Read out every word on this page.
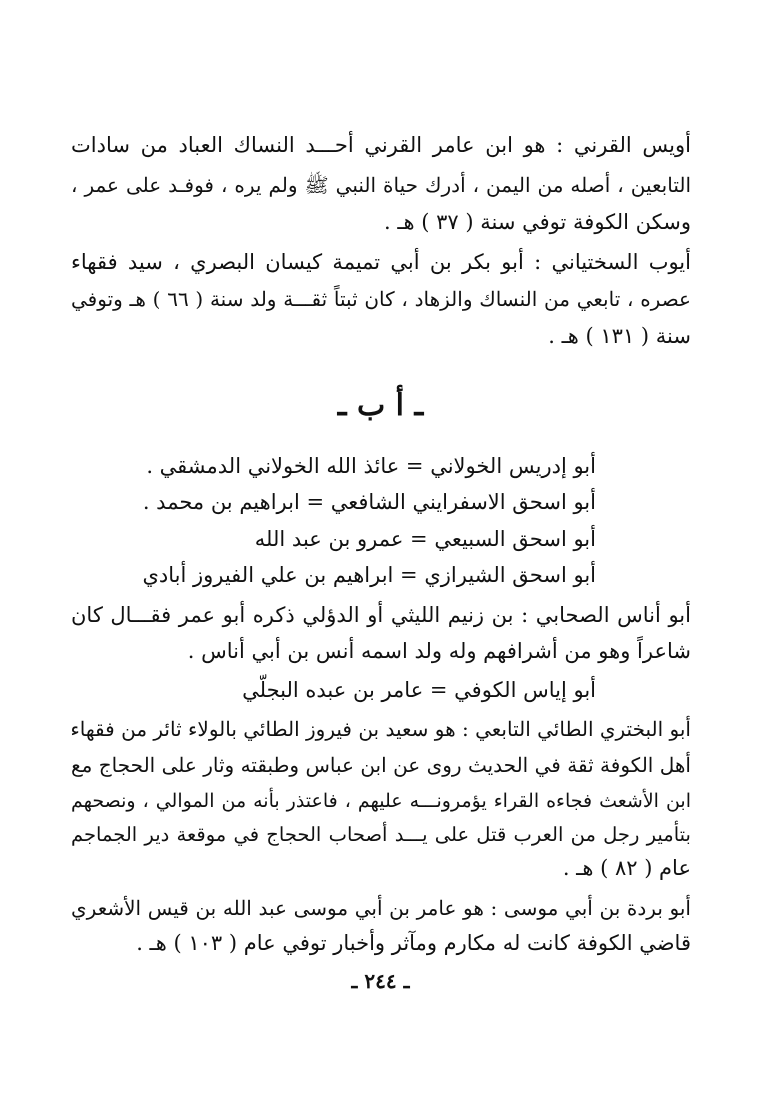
أويس القرني : هو ابن عامر القرني أحـــد النساك العباد من سادات
التابعين ، أصله من اليمن ، أدرك حياة النبي ﷺ ولم يره ، فوفـد على عمر ،
وسكن الكوفة توفي سنة ( ٣٧ ) هـ .
أيوب السختياني : أبو بكر بن أبي تميمة كيسان البصري ، سيد فقهاء
عصره ، تابعي من النساك والزهاد ، كان ثبتاً ثقـــة ولد سنة ( ٦٦ ) هـ وتوفي
سنة ( ١٣١ ) هـ .
ـ أ ب ـ
أبو إدريس الخولاني = عائذ الله الخولاني الدمشقي .
أبو اسحق الاسفرايني الشافعي = ابراهيم بن محمد .
أبو اسحق السبيعي = عمرو بن عبد الله
أبو اسحق الشيرازي = ابراهيم بن علي الفيروز أبادي
أبو أناس الصحابي : بن زنيم الليثي أو الدؤلي ذكره أبو عمر فقـــال كان
شاعراً وهو من أشرافهم وله ولد اسمه أنس بن أبي أناس .
أبو إياس الكوفي = عامر بن عبده البجلّي
أبو البختري الطائي التابعي : هو سعيد بن فيروز الطائي بالولاء ثائر من فقهاء
أهل الكوفة ثقة في الحديث روى عن ابن عباس وطبقته وثار على الحجاج مع
ابن الأشعث فجاءه القراء يؤمرونـــه عليهم ، فاعتذر بأنه من الموالي ، ونصحهم
بتأمير رجل من العرب قتل على يـــد أصحاب الحجاج في موقعة دير الجماجم
عام ( ٨٢ ) هـ .
أبو بردة بن أبي موسى : هو عامر بن أبي موسى عبد الله بن قيس الأشعري
قاضي الكوفة كانت له مكارم ومآثر وأخبار توفي عام ( ١٠٣ ) هـ .
ـ ٢٤٤ ـ
